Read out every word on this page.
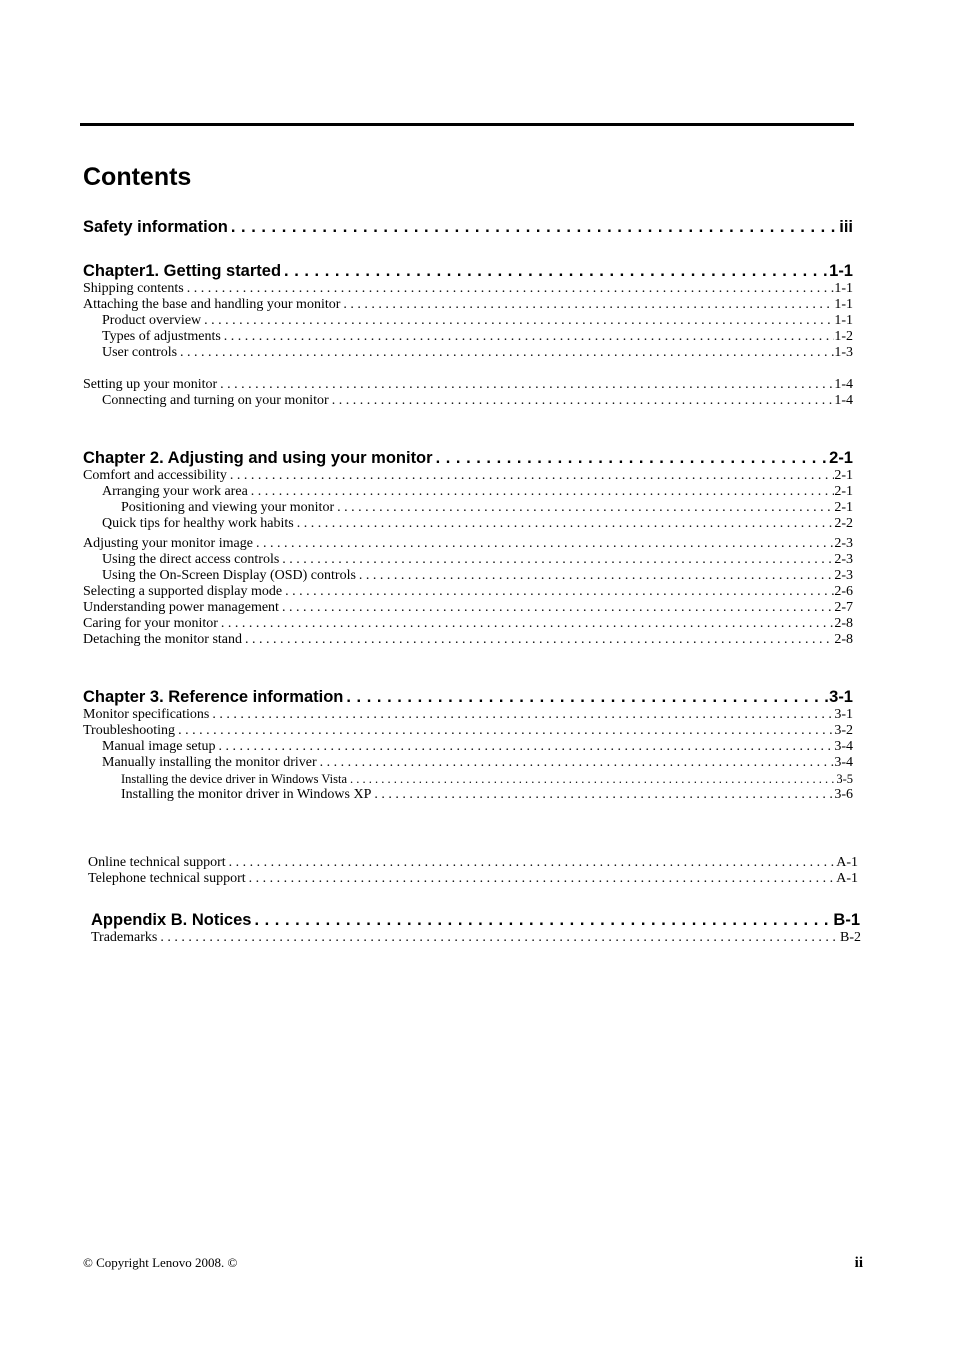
Contents
Safety information . . .	iii
Chapter1. Getting started . . .	1-1
Shipping contents . . .	1-1
Attaching the base and handling your monitor . . .	1-1
Product overview . . .	1-1
Types of adjustments . . .	1-2
User controls . . .	1-3
Setting up your monitor . . .	1-4
Connecting and turning on your monitor . . .	1-4
Chapter 2. Adjusting and using your monitor . . .	2-1
Comfort and accessibility . . .	2-1
Arranging your work area . . .	2-1
Positioning and viewing your monitor . . .	2-1
Quick tips for healthy work habits . . .	2-2
Adjusting your monitor image . . .	2-3
Using the direct access controls . . .	2-3
Using the On-Screen Display (OSD) controls . . .	2-3
Selecting a supported display mode . . .	2-6
Understanding power management . . .	2-7
Caring for your monitor . . .	2-8
Detaching the monitor stand . . .	2-8
Chapter 3. Reference information . . .	3-1
Monitor specifications . . .	3-1
Troubleshooting . . .	3-2
Manual image setup . . .	3-4
Manually installing the monitor driver . . .	3-4
Installing the device driver in Windows Vista . . .	3-5
Installing the monitor driver in Windows XP . . .	3-6
Online technical support . . .	A-1
Telephone technical support . . .	A-1
Appendix B. Notices . . .	B-1
Trademarks . . .	B-2
© Copyright Lenovo 2008. ©	ii
